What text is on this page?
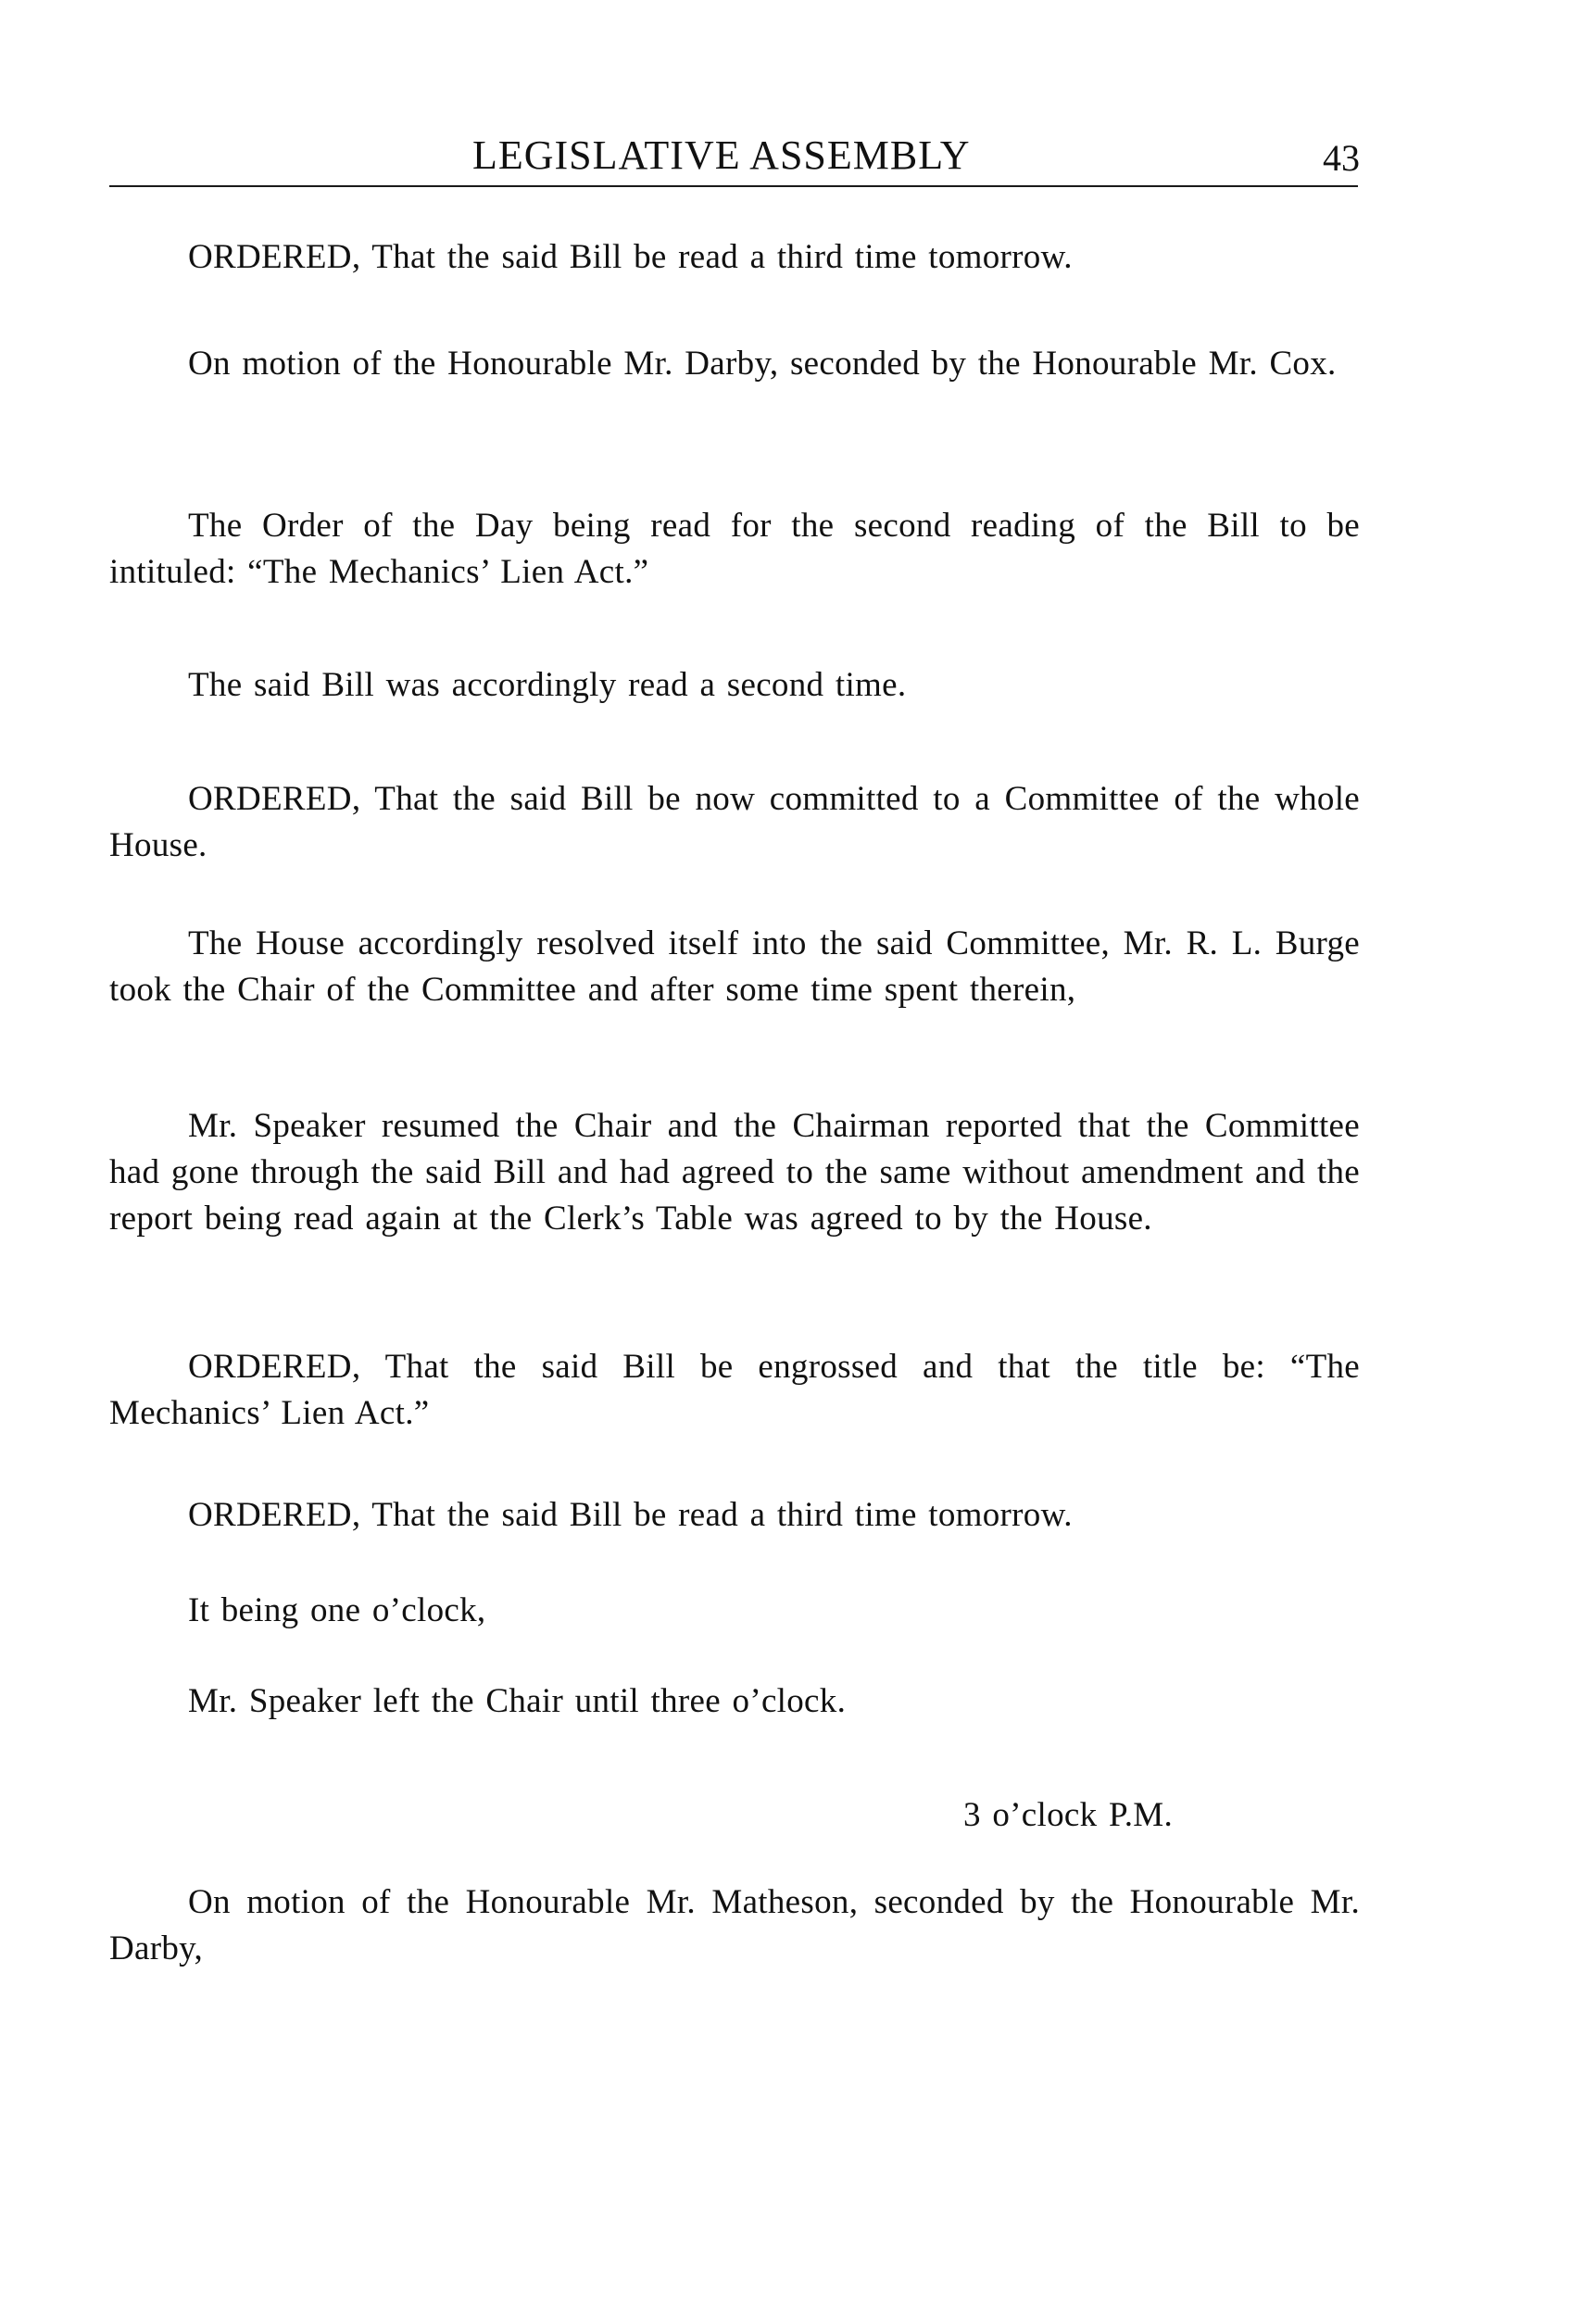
LEGISLATIVE ASSEMBLY	43
ORDERED, That the said Bill be read a third time tomorrow.
On motion of the Honourable Mr. Darby, seconded by the Honourable Mr. Cox.
The Order of the Day being read for the second reading of the Bill to be intituled: “The Mechanics’ Lien Act.”
The said Bill was accordingly read a second time.
ORDERED, That the said Bill be now committed to a Committee of the whole House.
The House accordingly resolved itself into the said Committee, Mr. R. L. Burge took the Chair of the Committee and after some time spent therein,
Mr. Speaker resumed the Chair and the Chairman reported that the Committee had gone through the said Bill and had agreed to the same without amendment and the report being read again at the Clerk’s Table was agreed to by the House.
ORDERED, That the said Bill be engrossed and that the title be: “The Mechanics’ Lien Act.”
ORDERED, That the said Bill be read a third time tomorrow.
It being one o’clock,
Mr. Speaker left the Chair until three o’clock.
3 o’clock P.M.
On motion of the Honourable Mr. Matheson, seconded by the Honourable Mr. Darby,
